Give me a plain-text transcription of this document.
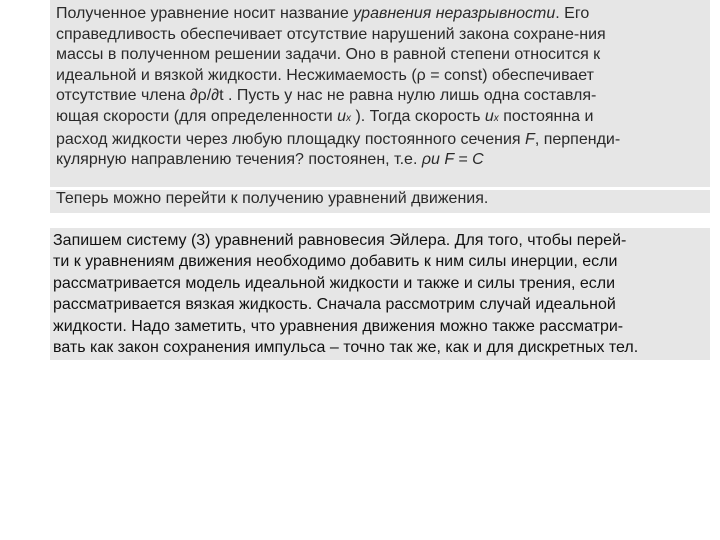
Полученное уравнение носит название уравнения неразрывности. Его
справедливость обеспечивает отсутствие нарушений закона сохране-ния
массы в полученном решении задачи. Оно в равной степени относится к
идеальной и вязкой жидкости. Несжимаемость (ρ = const) обеспечивает
отсутствие члена ∂ρ/∂t . Пусть у нас не равна нулю лишь одна составля-
ющая скорости (для определенности ux ). Тогда скорость ux постоянна и
расход жидкости через любую площадку постоянного сечения F, перпенди-
кулярную направлению течения? постоянен, т.е. ρu F = C

Теперь можно перейти к получению уравнений движения.

Запишем систему (3) уравнений равновесия Эйлера. Для того, чтобы перей-
ти к уравнениям движения необходимо добавить к ним силы инерции, если
рассматривается модель идеальной жидкости и также и силы трения, если
рассматривается вязкая жидкость. Сначала рассмотрим случай идеальной
жидкости. Надо заметить, что уравнения движения можно также рассматри-
вать как закон сохранения импульса – точно так же, как и для дискретных тел.
